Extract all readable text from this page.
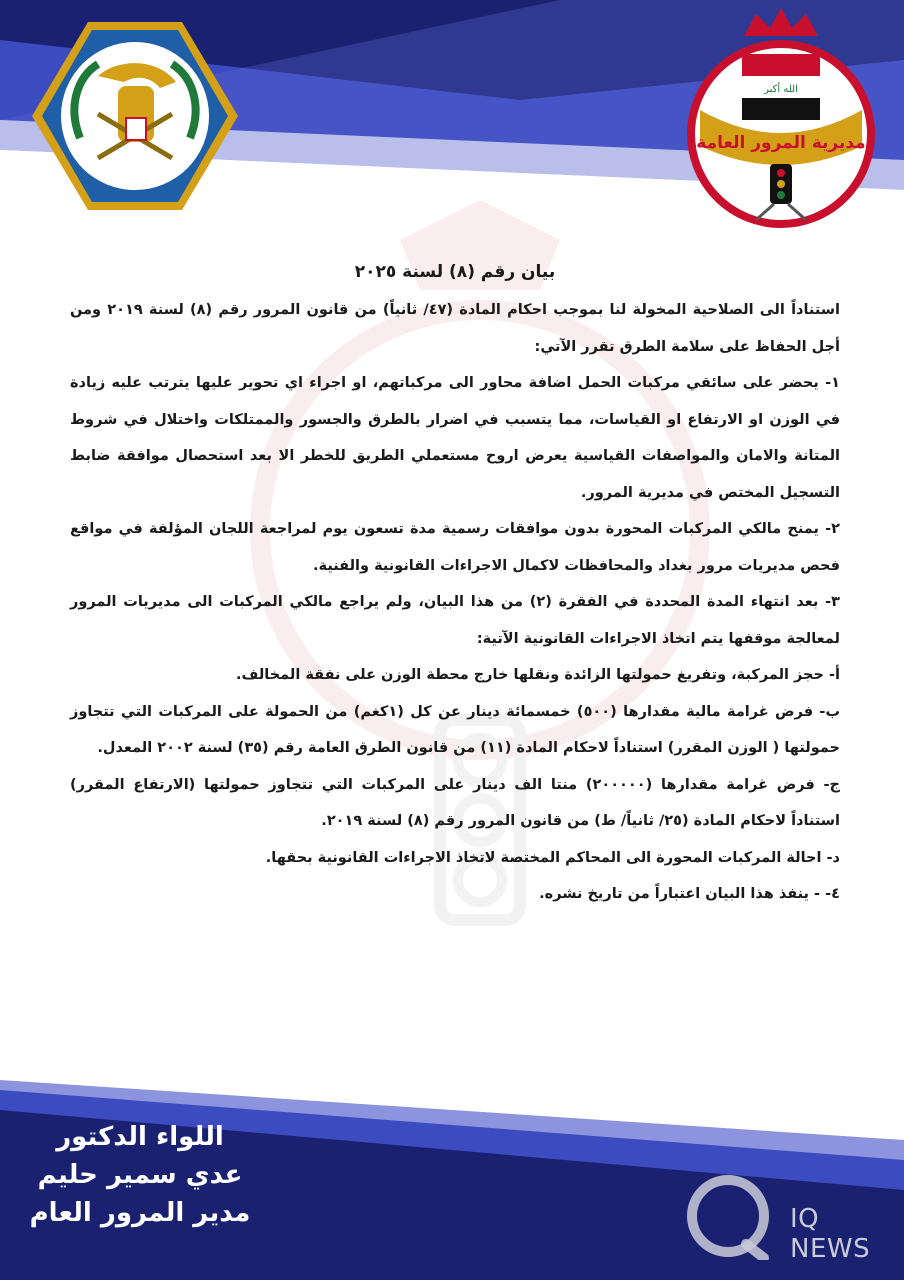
الله أكبر
مديرية المرور العامة
بيان رقم (٨) لسنة ٢٠٢٥

استناداً الى الصلاحية المخولة لنا بموجب احكام المادة (٤٧/ ثانياً) من قانون المرور رقم (٨) لسنة ٢٠١٩ ومن أجل الحفاظ على سلامة الطرق تقرر الآتي:

١- يحضر على سائقي مركبات الحمل اضافة محاور الى مركباتهم، او اجراء اي تحوير عليها يترتب عليه زيادة في الوزن او الارتفاع او القياسات، مما يتسبب في اضرار بالطرق والجسور والممتلكات واختلال في شروط المتانة والامان والمواصفات القياسية يعرض اروح مستعملي الطريق للخطر الا بعد استحصال موافقة ضابط التسجيل المختص في مديرية المرور.

٢- يمنح مالكي المركبات المحورة بدون موافقات رسمية مدة تسعون يوم لمراجعة اللجان المؤلفة في مواقع فحص مديريات مرور بغداد والمحافظات لاكمال الاجراءات القانونية والفنية.

٣- بعد انتهاء المدة المحددة في الفقرة (٢) من هذا البيان، ولم يراجع مالكي المركبات الى مديريات المرور لمعالجة موقفها يتم اتخاذ الاجراءات القانونية الآتية:

أ- حجز المركبة، وتفريغ حمولتها الزائدة ونقلها خارج محطة الوزن على نفقة المخالف.

ب- فرض غرامة مالية مقدارها (٥٠٠) خمسمائة دينار عن كل (١كغم) من الحمولة على المركبات التي تتجاوز حمولتها ( الوزن المقرر) استناداً لاحكام المادة (١١) من قانون الطرق العامة رقم (٣٥) لسنة ٢٠٠٢ المعدل.

ج- فرض غرامة مقدارها (٢٠٠٠٠٠) منتا الف دينار على المركبات التي تتجاوز حمولتها (الارتفاع المقرر) استناداً لاحكام المادة (٢٥/ ثانياً/ ط) من قانون المرور رقم (٨) لسنة ٢٠١٩.

د- احالة المركبات المحورة الى المحاكم المختصة لاتخاذ الاجراءات القانونية بحقها.

٤- - ينفذ هذا البيان اعتباراً من تاريخ نشره.

اللواء الدكتور
عدي سمير حليم
مدير المرور العام	IQ NEWS
